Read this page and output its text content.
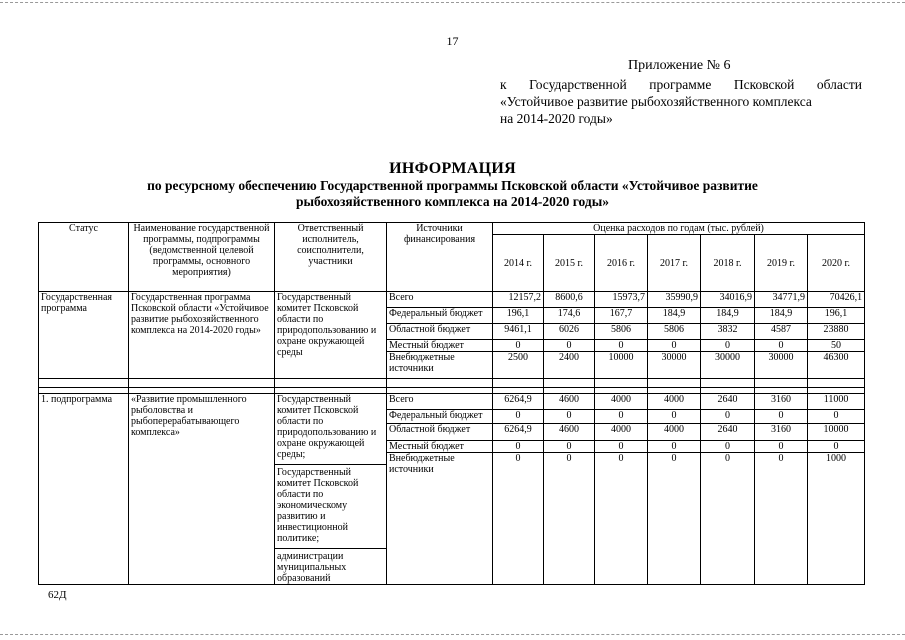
17
Приложение № 6
к Государственной программе Псковской области
«Устойчивое развитие рыбохозяйственного комплекса
на 2014-2020 годы»
ИНФОРМАЦИЯ
по ресурсному обеспечению Государственной программы Псковской области «Устойчивое развитие
рыбохозяйственного комплекса на 2014-2020 годы»
Статус	Наименование государственной программы, подпрограммы (ведомственной целевой программы, основного мероприятия)	Ответственный исполнитель, соисполнители, участники	Источники финансирования	Оценка расходов по годам (тыс. рублей)						
				2014 г.	2015 г.	2016 г.	2017 г.	2018 г.	2019 г.	2020 г.
Государственная программа	Государственная программа Псковской области «Устойчивое развитие рыбохозяйственного комплекса на 2014-2020 годы»	Государственный комитет Псковской области по природопользованию и охране окружающей среды	Всего	12157,2	8600,6	15973,7	35990,9	34016,9	34771,9	70426,1
			Федеральный бюджет	196,1	174,6	167,7	184,9	184,9	184,9	196,1
			Областной бюджет	9461,1	6026	5806	5806	3832	4587	23880
			Местный бюджет	0	0	0	0	0	0	50
			Внебюджетные источники	2500	2400	10000	30000	30000	30000	46300

1. подпрограмма	«Развитие промышленного рыболовства и рыбоперерабатывающего комплекса»	Государственный комитет Псковской области по природопользованию и охране окружающей среды;
Государственный комитет Псковской области по экономическому развитию и инвестиционной политике;
администрации муниципальных образований	Всего	6264,9	4600	4000	4000	2640	3160	11000
			Федеральный бюджет	0	0	0	0	0	0	0
			Областной бюджет	6264,9	4600	4000	4000	2640	3160	10000
			Местный бюджет	0	0	0	0	0	0	0
			Внебюджетные источники	0	0	0	0	0	0	1000
62Д
